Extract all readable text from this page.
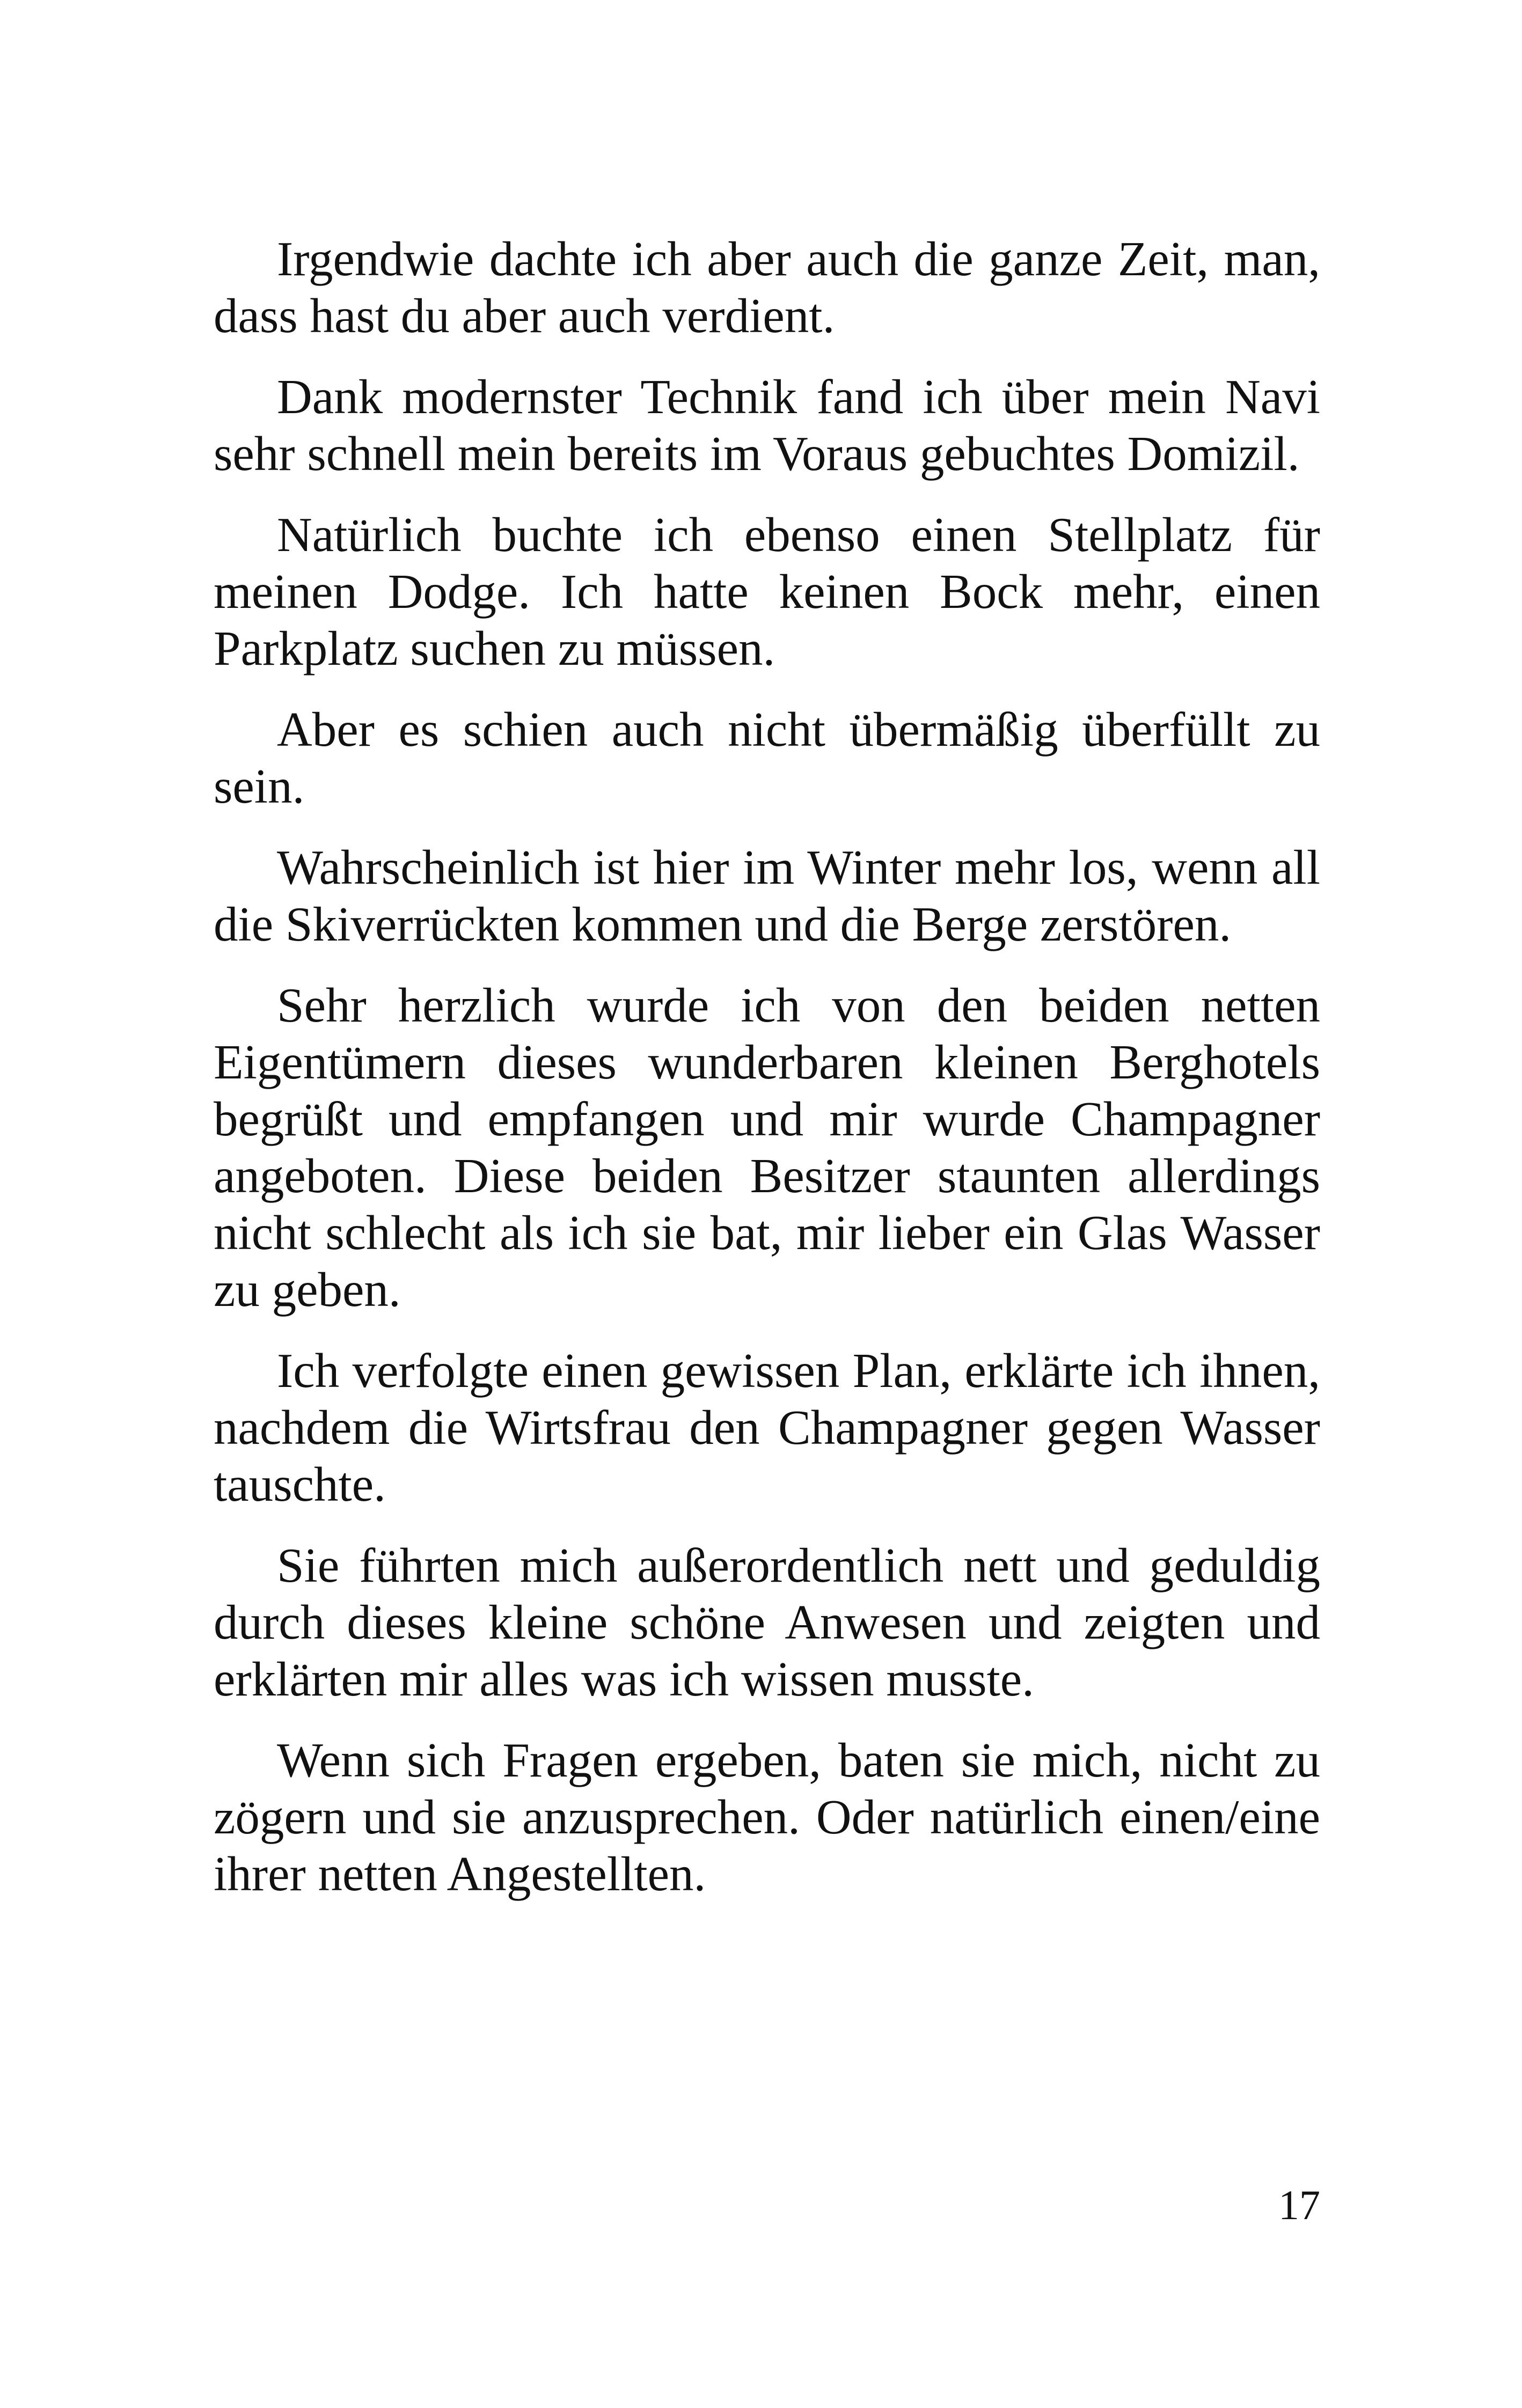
Irgendwie dachte ich aber auch die ganze Zeit, man, dass hast du aber auch verdient.

Dank modernster Technik fand ich über mein Navi sehr schnell mein bereits im Voraus gebuchtes Domizil.

Natürlich buchte ich ebenso einen Stellplatz für meinen Dodge. Ich hatte keinen Bock mehr, einen Parkplatz suchen zu müssen.

Aber es schien auch nicht übermäßig überfüllt zu sein.

Wahrscheinlich ist hier im Winter mehr los, wenn all die Skiverrückten kommen und die Berge zerstören.

Sehr herzlich wurde ich von den beiden netten Eigentümern dieses wunderbaren kleinen Berghotels begrüßt und empfangen und mir wurde Champagner angeboten. Diese beiden Besitzer staunten allerdings nicht schlecht als ich sie bat, mir lieber ein Glas Wasser zu geben.

Ich verfolgte einen gewissen Plan, erklärte ich ihnen, nachdem die Wirtsfrau den Champagner gegen Wasser tauschte.

Sie führten mich außerordentlich nett und geduldig durch dieses kleine schöne Anwesen und zeigten und erklärten mir alles was ich wissen musste.

Wenn sich Fragen ergeben, baten sie mich, nicht zu zögern und sie anzusprechen. Oder natürlich einen/eine ihrer netten Angestellten.

17
